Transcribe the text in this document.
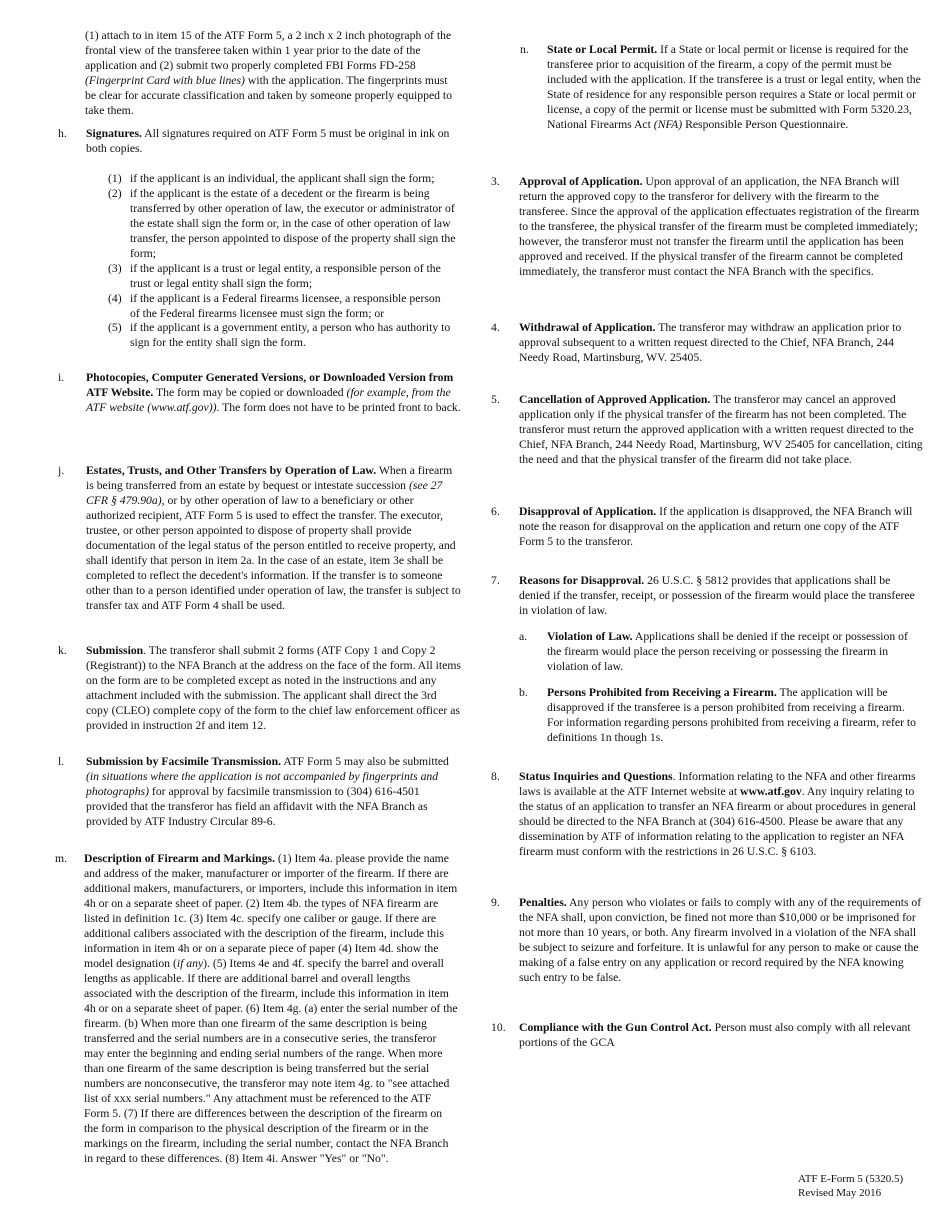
(1) attach to in item 15 of the ATF Form 5, a 2 inch x 2 inch photograph of the frontal view of the transferee taken within 1 year prior to the date of the application and (2) submit two properly completed FBI Forms FD-258 (Fingerprint Card with blue lines) with the application. The fingerprints must be clear for accurate classification and taken by someone properly equipped to take them.

h. Signatures. All signatures required on ATF Form 5 must be original in ink on both copies.

(1) if the applicant is an individual, the applicant shall sign the form;
(2) if the applicant is the estate of a decedent or the firearm is being transferred by other operation of law, the executor or administrator of the estate shall sign the form or, in the case of other operation of law transfer, the person appointed to dispose of the property shall sign the form;
(3) if the applicant is a trust or legal entity, a responsible person of the trust or legal entity shall sign the form;
(4) if the applicant is a Federal firearms licensee, a responsible person of the Federal firearms licensee must sign the form; or
(5) if the applicant is a government entity, a person who has authority to sign for the entity shall sign the form.
i. Photocopies, Computer Generated Versions, or Downloaded Version from ATF Website. The form may be copied or downloaded (for example, from the ATF website (www.atf.gov)). The form does not have to be printed front to back.

j. Estates, Trusts, and Other Transfers by Operation of Law. When a firearm is being transferred from an estate by bequest or intestate succession (see 27 CFR § 479.90a), or by other operation of law to a beneficiary or other authorized recipient, ATF Form 5 is used to effect the transfer. The executor, trustee, or other person appointed to dispose of property shall provide documentation of the legal status of the person entitled to receive property, and shall identify that person in item 2a. In the case of an estate, item 3e shall be completed to reflect the decedent's information. If the transfer is to someone other than to a person identified under operation of law, the transfer is subject to transfer tax and ATF Form 4 shall be used.

k. Submission. The transferor shall submit 2 forms (ATF Copy 1 and Copy 2 (Registrant)) to the NFA Branch at the address on the face of the form. All items on the form are to be completed except as noted in the instructions and any attachment included with the submission. The applicant shall direct the 3rd copy (CLEO) complete copy of the form to the chief law enforcement officer as provided in instruction 2f and item 12.

l. Submission by Facsimile Transmission. ATF Form 5 may also be submitted (in situations where the application is not accompanied by fingerprints and photographs) for approval by facsimile transmission to (304) 616-4501 provided that the transferor has field an affidavit with the NFA Branch as provided by ATF Industry Circular 89-6.

m. Description of Firearm and Markings. (1) Item 4a. please provide the name and address of the maker, manufacturer or importer of the firearm. If there are additional makers, manufacturers, or importers, include this information in item 4h or on a separate sheet of paper. (2) Item 4b. the types of NFA firearm are listed in definition 1c. (3) Item 4c. specify one caliber or gauge. If there are additional calibers associated with the description of the firearm, include this information in item 4h or on a separate piece of paper (4) Item 4d. show the model designation (if any). (5) Items 4e and 4f. specify the barrel and overall lengths as applicable. If there are additional barrel and overall lengths associated with the description of the firearm, include this information in item 4h or on a separate sheet of paper. (6) Item 4g. (a) enter the serial number of the firearm. (b) When more than one firearm of the same description is being transferred and the serial numbers are in a consecutive series, the transferor may enter the beginning and ending serial numbers of the range. When more than one firearm of the same description is being transferred but the serial numbers are nonconsecutive, the transferor may note item 4g. to "see attached list of xxx serial numbers." Any attachment must be referenced to the ATF Form 5. (7) If there are differences between the description of the firearm on the form in comparison to the physical description of the firearm or in the markings on the firearm, including the serial number, contact the NFA Branch in regard to these differences. (8) Item 4i. Answer "Yes" or "No".

n. State or Local Permit. If a State or local permit or license is required for the transferee prior to acquisition of the firearm, a copy of the permit must be included with the application. If the transferee is a trust or legal entity, when the State of residence for any responsible person requires a State or local permit or license, a copy of the permit or license must be submitted with Form 5320.23, National Firearms Act (NFA) Responsible Person Questionnaire.

3. Approval of Application. Upon approval of an application, the NFA Branch will return the approved copy to the transferor for delivery with the firearm to the transferee. Since the approval of the application effectuates registration of the firearm to the transferee, the physical transfer of the firearm must be completed immediately; however, the transferor must not transfer the firearm until the application has been approved and received. If the physical transfer of the firearm cannot be completed immediately, the transferor must contact the NFA Branch with the specifics.

4. Withdrawal of Application. The transferor may withdraw an application prior to approval subsequent to a written request directed to the Chief, NFA Branch, 244 Needy Road, Martinsburg, WV. 25405.

5. Cancellation of Approved Application. The transferor may cancel an approved application only if the physical transfer of the firearm has not been completed. The transferor must return the approved application with a written request directed to the Chief, NFA Branch, 244 Needy Road, Martinsburg, WV 25405 for cancellation, citing the need and that the physical transfer of the firearm did not take place.

6. Disapproval of Application. If the application is disapproved, the NFA Branch will note the reason for disapproval on the application and return one copy of the ATF Form 5 to the transferor.

7. Reasons for Disapproval. 26 U.S.C. § 5812 provides that applications shall be denied if the transfer, receipt, or possession of the firearm would place the transferee in violation of law.

a. Violation of Law. Applications shall be denied if the receipt or possession of the firearm would place the person receiving or possessing the firearm in violation of law.

b. Persons Prohibited from Receiving a Firearm. The application will be disapproved if the transferee is a person prohibited from receiving a firearm. For information regarding persons prohibited from receiving a firearm, refer to definitions 1n though 1s.

8. Status Inquiries and Questions. Information relating to the NFA and other firearms laws is available at the ATF Internet website at www.atf.gov. Any inquiry relating to the status of an application to transfer an NFA firearm or about procedures in general should be directed to the NFA Branch at (304) 616-4500. Please be aware that any dissemination by ATF of information relating to the application to register an NFA firearm must conform with the restrictions in 26 U.S.C. § 6103.

9. Penalties. Any person who violates or fails to comply with any of the requirements of the NFA shall, upon conviction, be fined not more than $10,000 or be imprisoned for not more than 10 years, or both. Any firearm involved in a violation of the NFA shall be subject to seizure and forfeiture. It is unlawful for any person to make or cause the making of a false entry on any application or record required by the NFA knowing such entry to be false.

10. Compliance with the Gun Control Act. Person must also comply with all relevant portions of the GCA

ATF E-Form 5 (5320.5)
Revised May 2016
